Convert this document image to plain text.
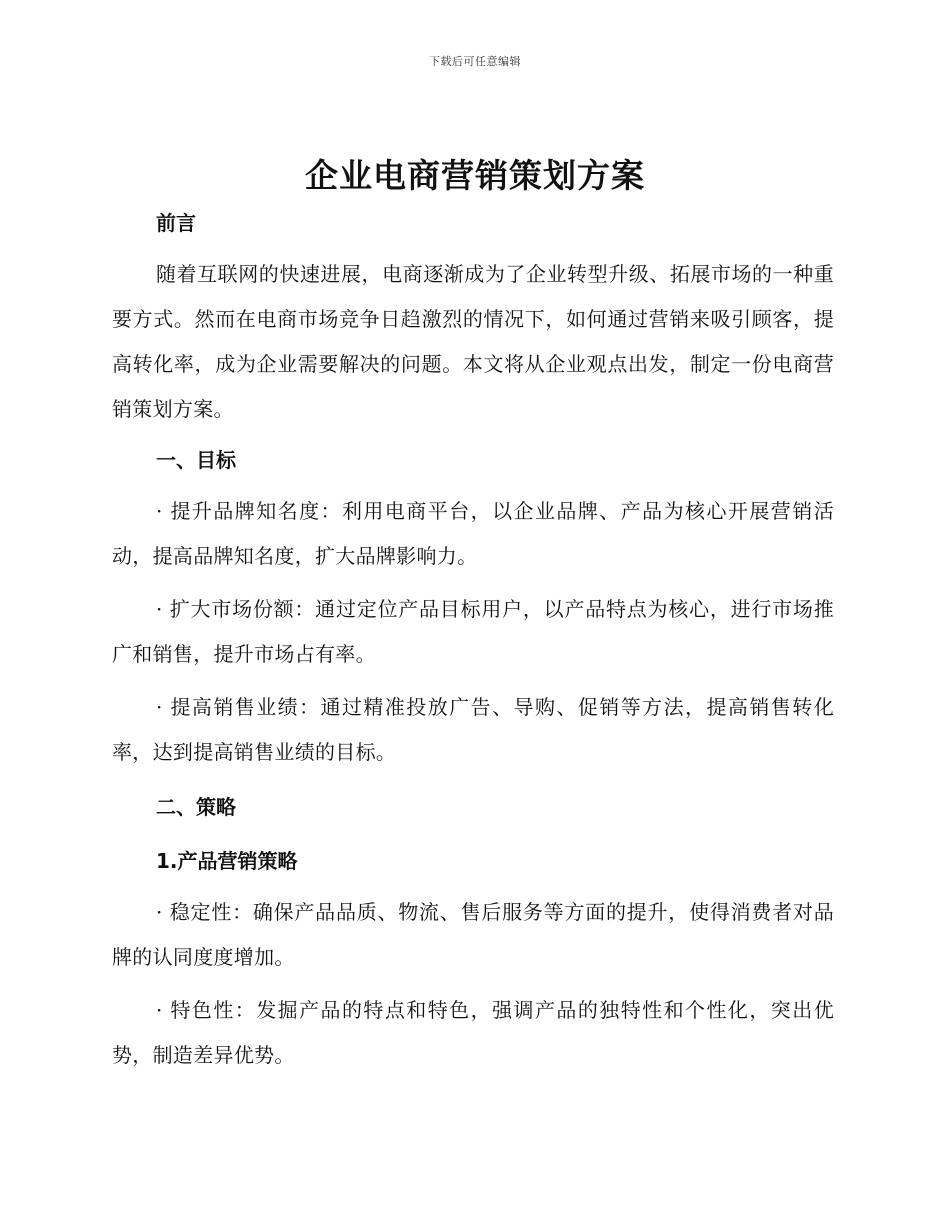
下载后可任意编辑
企业电商营销策划方案
前言
随着互联网的快速进展，电商逐渐成为了企业转型升级、拓展市场的一种重要方式。然而在电商市场竞争日趋激烈的情况下，如何通过营销来吸引顾客，提高转化率，成为企业需要解决的问题。本文将从企业观点出发，制定一份电商营销策划方案。
一、目标
· 提升品牌知名度：利用电商平台，以企业品牌、产品为核心开展营销活动，提高品牌知名度，扩大品牌影响力。
· 扩大市场份额：通过定位产品目标用户，以产品特点为核心，进行市场推广和销售，提升市场占有率。
· 提高销售业绩：通过精准投放广告、导购、促销等方法，提高销售转化率，达到提高销售业绩的目标。
二、策略
1.产品营销策略
· 稳定性：确保产品品质、物流、售后服务等方面的提升，使得消费者对品牌的认同度度增加。
· 特色性：发掘产品的特点和特色，强调产品的独特性和个性化，突出优势，制造差异优势。
